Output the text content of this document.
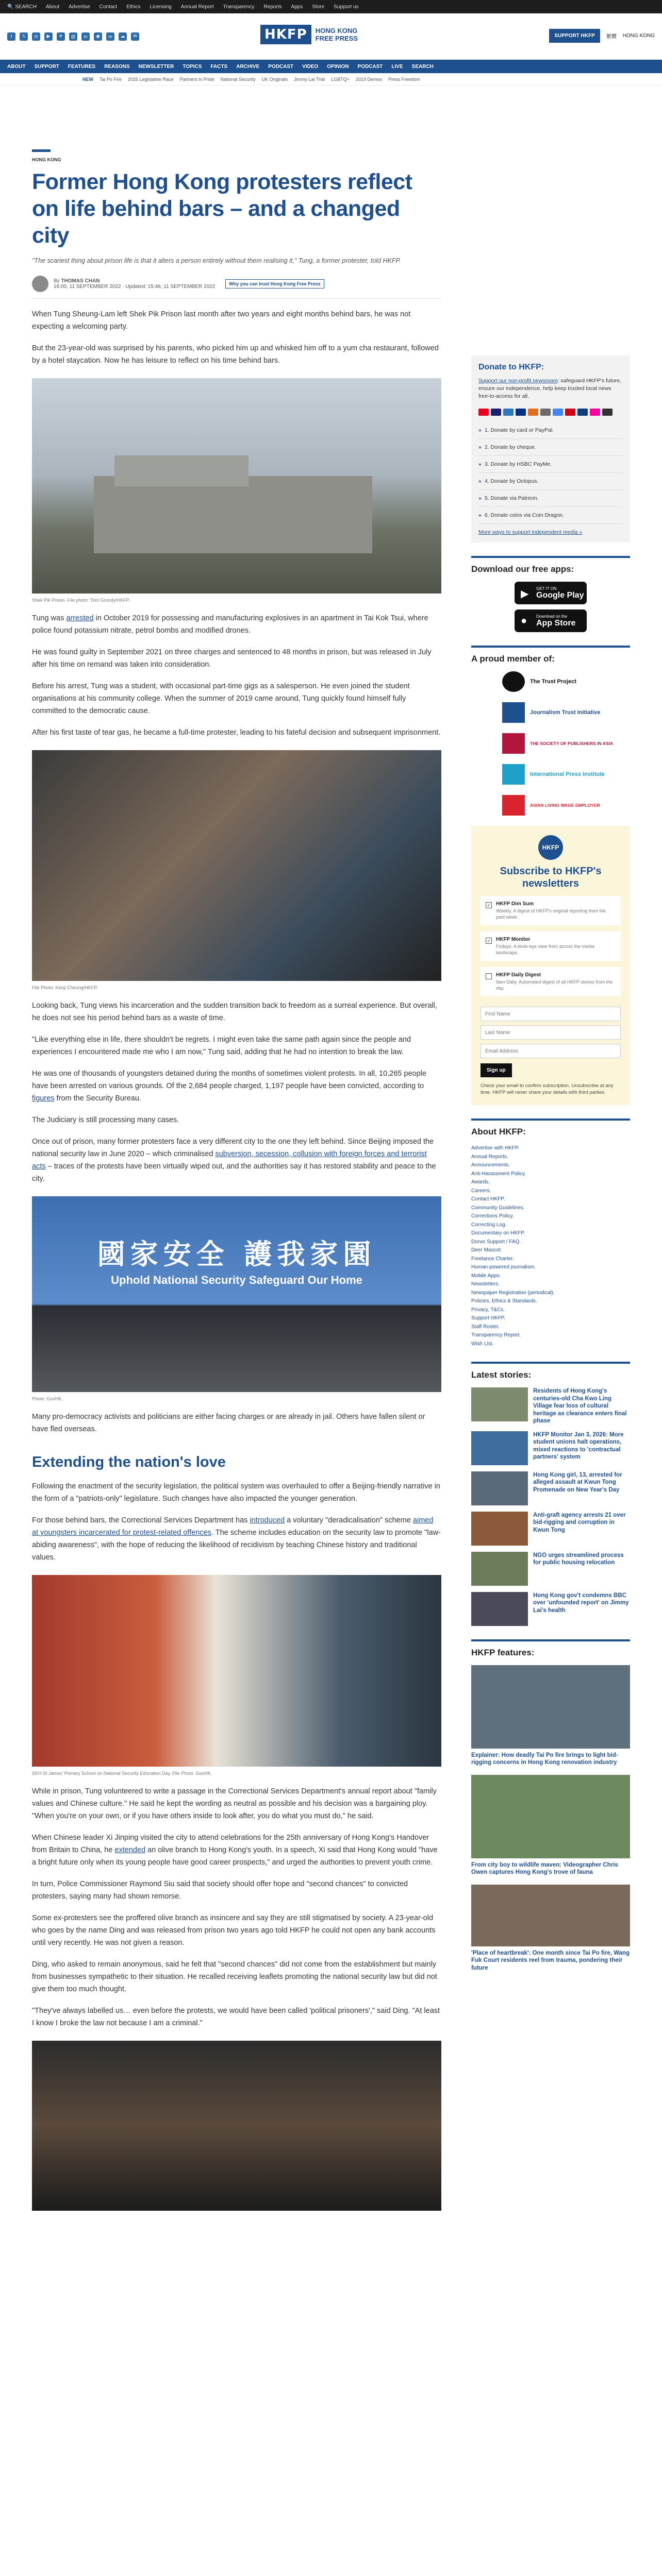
🔍 SEARCH About Advertise Contact Ethics Licensing Annual Report Transparency Reports Apps Store Support us
f	𝕏	◎	▶	✈	@	in	◉	m	☁	✉	HKFP	HONG KONG
FREE PRESS	SUPPORT HKFP	繁體 HONG KONG
ABOUT SUPPORT FEATURES REASONS NEWSLETTER TOPICS FACTS ARCHIVE PODCAST VIDEO OPINION PODCAST LIVE SEARCH
NEW Tai Po Fire 2025 Legislative Race Partners in Pride National Security UK Originals Jimmy Lai Trial LGBTQ+ 2019 Demos Press Freedom
HONG KONG
Former Hong Kong protesters reflect on life behind bars – and a changed city
"The scariest thing about prison life is that it alters a person entirely without them realising it," Tung, a former protester, told HKFP.
By THOMAS CHAN
16:00, 11 SEPTEMBER 2022 · Updated: 15:46, 11 SEPTEMBER 2022	Why you can trust Hong Kong Free Press

When Tung Sheung-Lam left Shek Pik Prison last month after two years and eight months behind bars, he was not expecting a welcoming party.

But the 23-year-old was surprised by his parents, who picked him up and whisked him off to a yum cha restaurant, followed by a hotel staycation. Now he has leisure to reflect on his time behind bars.

Shek Pik Prison. File photo: Tom Grundy/HKFP.

Tung was arrested in October 2019 for possessing and manufacturing explosives in an apartment in Tai Kok Tsui, where police found potassium nitrate, petrol bombs and modified drones.

He was found guilty in September 2021 on three charges and sentenced to 48 months in prison, but was released in July after his time on remand was taken into consideration.

Before his arrest, Tung was a student, with occasional part-time gigs as a salesperson. He even joined the student organisations at his community college. When the summer of 2019 came around, Tung quickly found himself fully committed to the democratic cause.

After his first taste of tear gas, he became a full-time protester, leading to his fateful decision and subsequent imprisonment.

File Photo: Kenji Cheung/HKFP.

Looking back, Tung views his incarceration and the sudden transition back to freedom as a surreal experience. But overall, he does not see his period behind bars as a waste of time.

"Like everything else in life, there shouldn't be regrets. I might even take the same path again since the people and experiences I encountered made me who I am now," Tung said, adding that he had no intention to break the law.

He was one of thousands of youngsters detained during the months of sometimes violent protests. In all, 10,265 people have been arrested on various grounds. Of the 2,684 people charged, 1,197 people have been convicted, according to figures from the Security Bureau.

The Judiciary is still processing many cases.

Once out of prison, many former protesters face a very different city to the one they left behind. Since Beijing imposed the national security law in June 2020 – which criminalised subversion, secession, collusion with foreign forces and terrorist acts – traces of the protests have been virtually wiped out, and the authorities say it has restored stability and peace to the city.

國家安全 護我家園
Uphold National Security Safeguard Our Home
Photo: GovHK.

Many pro-democracy activists and politicians are either facing charges or are already in jail. Others have fallen silent or have fled overseas.

Extending the nation's love

Following the enactment of the security legislation, the political system was overhauled to offer a Beijing-friendly narrative in the form of a "patriots-only" legislature. Such changes have also impacted the younger generation.

For those behind bars, the Correctional Services Department has introduced a voluntary "deradicalisation" scheme aimed at youngsters incarcerated for protest-related offences. The scheme includes education on the security law to promote "law-abiding awareness", with the hope of reducing the likelihood of recidivism by teaching Chinese history and traditional values.

SKH St James' Primary School on National Security Education Day. File Photo: GovHK.

While in prison, Tung volunteered to write a passage in the Correctional Services Department's annual report about "family values and Chinese culture." He said he kept the wording as neutral as possible and his decision was a bargaining ploy. "When you're on your own, or if you have others inside to look after, you do what you must do," he said.

When Chinese leader Xi Jinping visited the city to attend celebrations for the 25th anniversary of Hong Kong's Handover from Britain to China, he extended an olive branch to Hong Kong's youth. In a speech, Xi said that Hong Kong would "have a bright future only when its young people have good career prospects," and urged the authorities to prevent youth crime.

In turn, Police Commissioner Raymond Siu said that society should offer hope and "second chances" to convicted protesters, saying many had shown remorse.

Some ex-protesters see the proffered olive branch as insincere and say they are still stigmatised by society. A 23-year-old who goes by the name Ding and was released from prison two years ago told HKFP he could not open any bank accounts until very recently. He was not given a reason.

Ding, who asked to remain anonymous, said he felt that "second chances" did not come from the establishment but mainly from businesses sympathetic to their situation. He recalled receiving leaflets promoting the national security law but did not give them too much thought.

"They've always labelled us… even before the protests, we would have been called 'political prisoners'," said Ding. "At least I know I broke the law not because I am a criminal."

Donate to HKFP:
Support our non-profit newsroom: safeguard HKFP's future, ensure our independence, help keep trusted local news free-to-access for all.
» 1. Donate by card or PayPal.
» 2. Donate by cheque.
» 3. Donate by HSBC PayMe.
» 4. Donate by Octopus.
» 5. Donate via Patreon.
» 6. Donate coins via Coin Dragon.
More ways to support independent media »
Download our free apps:
▶ GET IT ON
Google Play
● Download on the
App Store
A proud member of:
The Trust Project
Journalism Trust Initiative
THE SOCIETY OF PUBLISHERS IN ASIA
International Press Institute
ASIAN LIVING WAGE EMPLOYER
HKFP
Subscribe to HKFP's newsletters
✓ HKFP Dim Sum
Weekly. A digest of HKFP's original reporting from the past week.
✓ HKFP Monitor
Fridays. A birds-eye view from across the media landscape.
HKFP Daily Digest
9am Daily. Automated digest of all HKFP stories from the day.
First Name Last Name Email Address
Sign up
Check your email to confirm subscription. Unsubscribe at any time. HKFP will never share your details with third parties.
About HKFP:
Advertise with HKFP.
Annual Reports.
Announcements.
Anti-Harassment Policy.
Awards.
Careers.
Contact HKFP.
Community Guidelines.
Corrections Policy.
Correcting Log.
Documentary on HKFP.
Donor Support / FAQ.
Deer Mascot.
Freelance Charter.
Human-powered journalism.
Mobile Apps.
Newsletters.
Newspaper Registration (periodical).
Policies, Ethics & Standards.
Privacy, T&Cs.
Support HKFP.
Staff Roster.
Transparency Report.
Wish List.
Latest stories:
Residents of Hong Kong's centuries-old Cha Kwo Ling Village fear loss of cultural heritage as clearance enters final phase
HKFP Monitor Jan 3, 2026: More student unions halt operations, mixed reactions to 'contractual partners' system
Hong Kong girl, 13, arrested for alleged assault at Kwun Tong Promenade on New Year's Day
Anti-graft agency arrests 21 over bid-rigging and corruption in Kwun Tong
NGO urges streamlined process for public housing relocation
Hong Kong gov't condemns BBC over 'unfounded report' on Jimmy Lai's health
HKFP features:
Explainer: How deadly Tai Po fire brings to light bid-rigging concerns in Hong Kong renovation industry
From city boy to wildlife maven: Videographer Chris Owen captures Hong Kong's trove of fauna
'Place of heartbreak': One month since Tai Po fire, Wang Fuk Court residents reel from trauma, pondering their future
